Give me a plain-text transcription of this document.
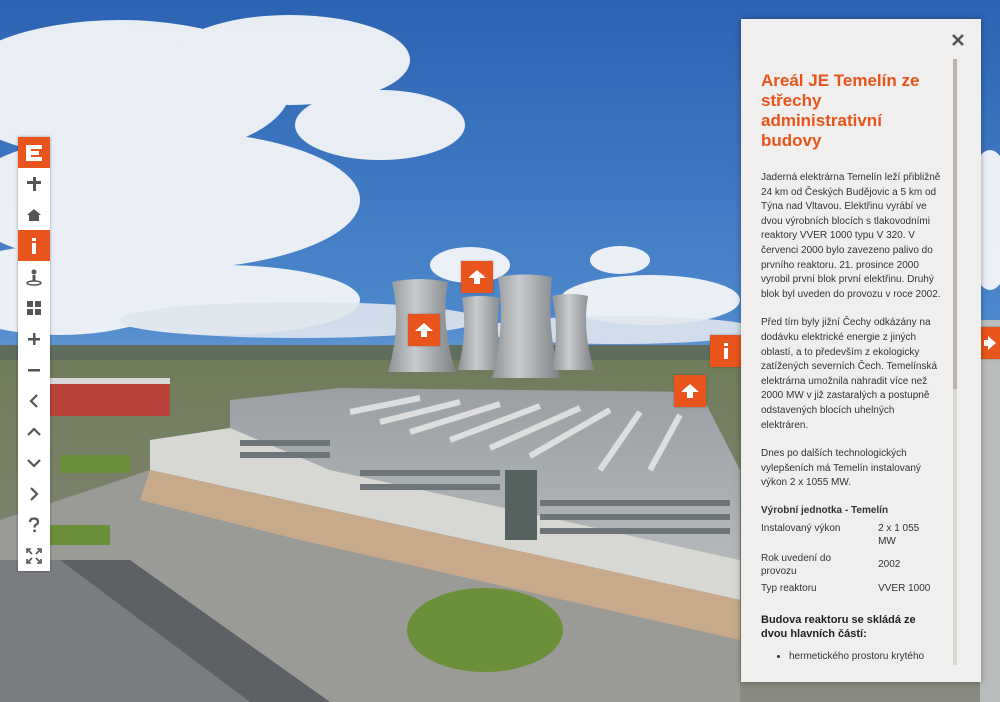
Areál JE Temelín ze střechy administrativní budovy

Jaderná elektrárna Temelín leží přibližně 24 km od Českých Budějovic a 5 km od Týna nad Vltavou. Elektřinu vyrábí ve dvou výrobních blocích s tlakovodními reaktory VVER 1000 typu V 320. V červenci 2000 bylo zavezeno palivo do prvního reaktoru. 21. prosince 2000 vyrobil první blok první elektřinu. Druhý blok byl uveden do provozu v roce 2002.

Před tím byly jižní Čechy odkázány na dodávku elektrické energie z jiných oblastí, a to především z ekologicky zatížených severních Čech. Temelínská elektrárna umožnila nahradit více než 2000 MW v již zastaralých a postupně odstavených blocích uhelných elektráren.

Dnes po dalších technologických vylepšeních má Temelín instalovaný výkon 2 x 1055 MW.

Výrobní jednotka - Temelín
Instalovaný výkon	2 x 1 055 MW
Rok uvedení do provozu	2002
Typ reaktoru	VVER 1000
Budova reaktoru se skládá ze dvou hlavních částí:
• hermetického prostoru krytého
